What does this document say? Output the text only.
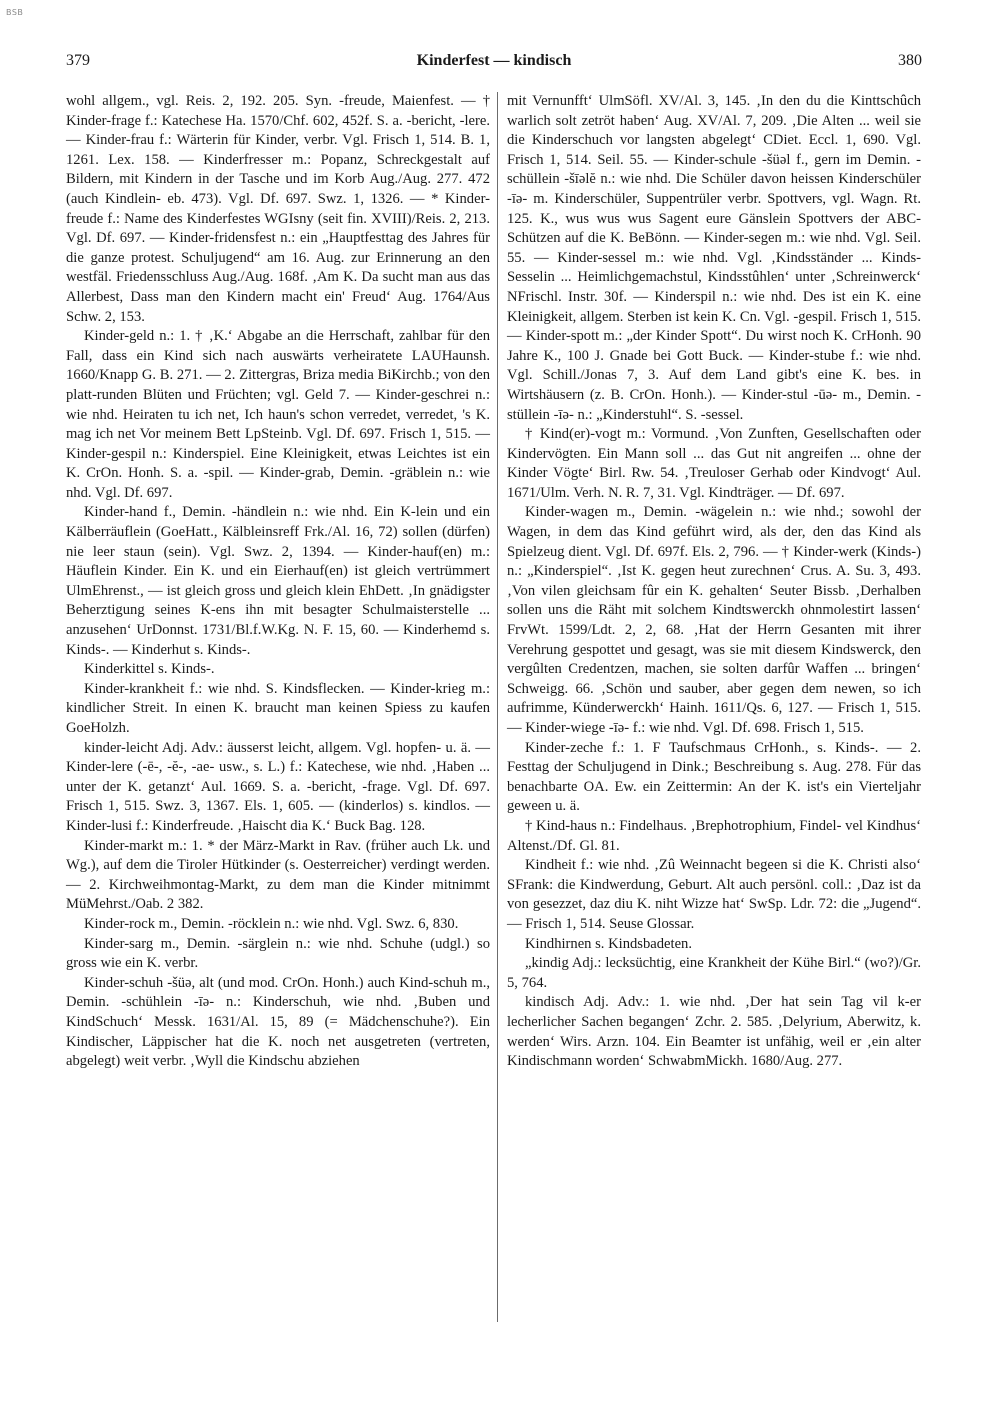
BSB
379	Kinderfest — kindisch	380

wohl allgem., vgl. Reis. 2, 192. 205. Syn. -freude, Maienfest. — † Kinder-frage f.: Katechese Ha. 1570/Chf. 602, 452f. S. a. -bericht, -lere. — Kinder-frau f.: Wärterin für Kinder, verbr. Vgl. Frisch 1, 514. B. 1, 1261. Lex. 158. — Kinderfresser m.: Popanz, Schreckgestalt auf Bildern, mit Kindern in der Tasche und im Korb Aug./Aug. 277. 472 (auch Kindlein- eb. 473). Vgl. Df. 697. Swz. 1, 1326. — * Kinder-freude f.: Name des Kinderfestes WGIsny (seit fin. XVIII)/Reis. 2, 213. Vgl. Df. 697. — Kinder-fridensfest n.: ein „Hauptfesttag des Jahres für die ganze protest. Schuljugend“ am 16. Aug. zur Erinnerung an den westfäl. Friedensschluss Aug./Aug. 168f. ‚Am K. Da sucht man aus das Allerbest, Dass man den Kindern macht ein' Freud‘ Aug. 1764/Aus Schw. 2, 153.

Kinder-geld n.: 1. † ‚K.‘ Abgabe an die Herrschaft, zahlbar für den Fall, dass ein Kind sich nach auswärts verheiratete LAUHaunsh. 1660/Knapp G. B. 271. — 2. Zittergras, Briza media BiKirchb.; von den platt-runden Blüten und Früchten; vgl. Geld 7. — Kinder-geschrei n.: wie nhd. Heiraten tu ich net, Ich haun's schon verredet, verredet, 's K. mag ich net Vor meinem Bett LpSteinb. Vgl. Df. 697. Frisch 1, 515. — Kinder-gespil n.: Kinderspiel. Eine Kleinigkeit, etwas Leichtes ist ein K. CrOn. Honh. S. a. -spil. — Kinder-grab, Demin. -gräblein n.: wie nhd. Vgl. Df. 697.

Kinder-hand f., Demin. -händlein n.: wie nhd. Ein K-lein und ein Kälberräuflein (GoeHatt., Kälbleinsreff Frk./Al. 16, 72) sollen (dürfen) nie leer staun (sein). Vgl. Swz. 2, 1394. — Kinder-hauf(en) m.: Häuflein Kinder. Ein K. und ein Eierhauf(en) ist gleich vertrümmert UlmEhrenst., — ist gleich gross und gleich klein EhDett. ‚In gnädigster Beherztigung seines K-ens ihn mit besagter Schulmaisterstelle ... anzusehen‘ UrDonnst. 1731/Bl.f.W.Kg. N. F. 15, 60. — Kinderhemd s. Kinds-. — Kinderhut s. Kinds-.

Kinderkittel s. Kinds-.

Kinder-krankheit f.: wie nhd. S. Kindsflecken. — Kinder-krieg m.: kindlicher Streit. In einen K. braucht man keinen Spiess zu kaufen GoeHolzh.

kinder-leicht Adj. Adv.: äusserst leicht, allgem. Vgl. hopfen- u. ä. — Kinder-lere (-ē-, -ĕ-, -ae- usw., s. L.) f.: Katechese, wie nhd. ‚Haben ... unter der K. getanzt‘ Aul. 1669. S. a. -bericht, -frage. Vgl. Df. 697. Frisch 1, 515. Swz. 3, 1367. Els. 1, 605. — (kinderlos) s. kindlos. — Kinder-lusi f.: Kinderfreude. ‚Haischt dia K.‘ Buck Bag. 128.

Kinder-markt m.: 1. * der März-Markt in Rav. (früher auch Lk. und Wg.), auf dem die Tiroler Hütkinder (s. Oesterreicher) verdingt werden. — 2. Kirchweihmontag-Markt, zu dem man die Kinder mitnimmt MüMehrst./Oab. 2 382.

Kinder-rock m., Demin. -röcklein n.: wie nhd. Vgl. Swz. 6, 830.

Kinder-sarg m., Demin. -särglein n.: wie nhd. Schuhe (udgl.) so gross wie ein K. verbr.

Kinder-schuh -šüə, alt (und mod. CrOn. Honh.) auch Kind-schuh m., Demin. -schühlein -īə- n.: Kinderschuh, wie nhd. ‚Buben und KindSchuch‘ Messk. 1631/Al. 15, 89 (= Mädchenschuhe?). Ein Kindischer, Läppischer hat die K. noch net ausgetreten (vertreten, abgelegt) weit verbr. ‚Wyll die Kindschu abziehen

mit Vernunfft‘ UlmSöfl. XV/Al. 3, 145. ‚In den du die Kinttschûch warlich solt zetröt haben‘ Aug. XV/Al. 7, 209. ‚Die Alten ... weil sie die Kinderschuch vor langsten abgelegt‘ CDiet. Eccl. 1, 690. Vgl. Frisch 1, 514. Seil. 55. — Kinder-schule -šüəl f., gern im Demin. -schüllein -šīəlĕ n.: wie nhd. Die Schüler davon heissen Kinderschüler -īə- m. Kinderschüler, Suppentrüler verbr. Spottvers, vgl. Wagn. Rt. 125. K., wus wus wus Sagent eure Gänslein Spottvers der ABC-Schützen auf die K. BeBönn. — Kinder-segen m.: wie nhd. Vgl. Seil. 55. — Kinder-sessel m.: wie nhd. Vgl. ‚Kindsständer ... Kinds-Sesselin ... Heimlichgemachstul, Kindsstûhlen‘ unter ‚Schreinwerck‘ NFrischl. Instr. 30f. — Kinderspil n.: wie nhd. Des ist ein K. eine Kleinigkeit, allgem. Sterben ist kein K. Cn. Vgl. -gespil. Frisch 1, 515. — Kinder-spott m.: „der Kinder Spott“. Du wirst noch K. CrHonh. 90 Jahre K., 100 J. Gnade bei Gott Buck. — Kinder-stube f.: wie nhd. Vgl. Schill./Jonas 7, 3. Auf dem Land gibt's eine K. bes. in Wirtshäusern (z. B. CrOn. Honh.). — Kinder-stul -ūə- m., Demin. -stüllein -īə- n.: „Kinderstuhl“. S. -sessel.

† Kind(er)-vogt m.: Vormund. ‚Von Zunften, Gesellschaften oder Kindervögten. Ein Mann soll ... das Gut nit angreifen ... ohne der Kinder Vögte‘ Birl. Rw. 54. ‚Treuloser Gerhab oder Kindvogt‘ Aul. 1671/Ulm. Verh. N. R. 7, 31. Vgl. Kindträger. — Df. 697.

Kinder-wagen m., Demin. -wägelein n.: wie nhd.; sowohl der Wagen, in dem das Kind geführt wird, als der, den das Kind als Spielzeug dient. Vgl. Df. 697f. Els. 2, 796. — † Kinder-werk (Kinds-) n.: „Kinderspiel“. ‚Ist K. gegen heut zurechnen‘ Crus. A. Su. 3, 493. ‚Von vilen gleichsam fûr ein K. gehalten‘ Seuter Bissb. ‚Derhalben sollen uns die Räht mit solchem Kindtswerckh ohnmolestirt lassen‘ FrvWt. 1599/Ldt. 2, 2, 68. ‚Hat der Herrn Gesanten mit ihrer Verehrung gespottet und gesagt, was sie mit diesem Kindswerck, den vergûlten Credentzen, machen, sie solten darfûr Waffen ... bringen‘ Schweigg. 66. ‚Schön und sauber, aber gegen dem newen, so ich aufrimme, Künderwerckh‘ Hainh. 1611/Qs. 6, 127. — Frisch 1, 515. — Kinder-wiege -īə- f.: wie nhd. Vgl. Df. 698. Frisch 1, 515.

Kinder-zeche f.: 1. F Taufschmaus CrHonh., s. Kinds-. — 2. Festtag der Schuljugend in Dink.; Beschreibung s. Aug. 278. Für das benachbarte OA. Ew. ein Zeittermin: An der K. ist's ein Vierteljahr geween u. ä.

† Kind-haus n.: Findelhaus. ‚Brephotrophium, Findel- vel Kindhus‘ Altenst./Df. Gl. 81.

Kindheit f.: wie nhd. ‚Zû Weinnacht begeen si die K. Christi also‘ SFrank: die Kindwerdung, Geburt. Alt auch persönl. coll.: ‚Daz ist da von gesezzet, daz diu K. niht Wizze hat‘ SwSp. Ldr. 72: die „Jugend“. — Frisch 1, 514. Seuse Glossar.

Kindhirnen s. Kindsbadeten.

„kindig Adj.: lecksüchtig, eine Krankheit der Kühe Birl.“ (wo?)/Gr. 5, 764.

kindisch Adj. Adv.: 1. wie nhd. ‚Der hat sein Tag vil k-er lecherlicher Sachen begangen‘ Zchr. 2. 585. ‚Delyrium, Aberwitz, k. werden‘ Wirs. Arzn. 104. Ein Beamter ist unfähig, weil er ‚ein alter Kindischmann worden‘ SchwabmMickh. 1680/Aug. 277.
